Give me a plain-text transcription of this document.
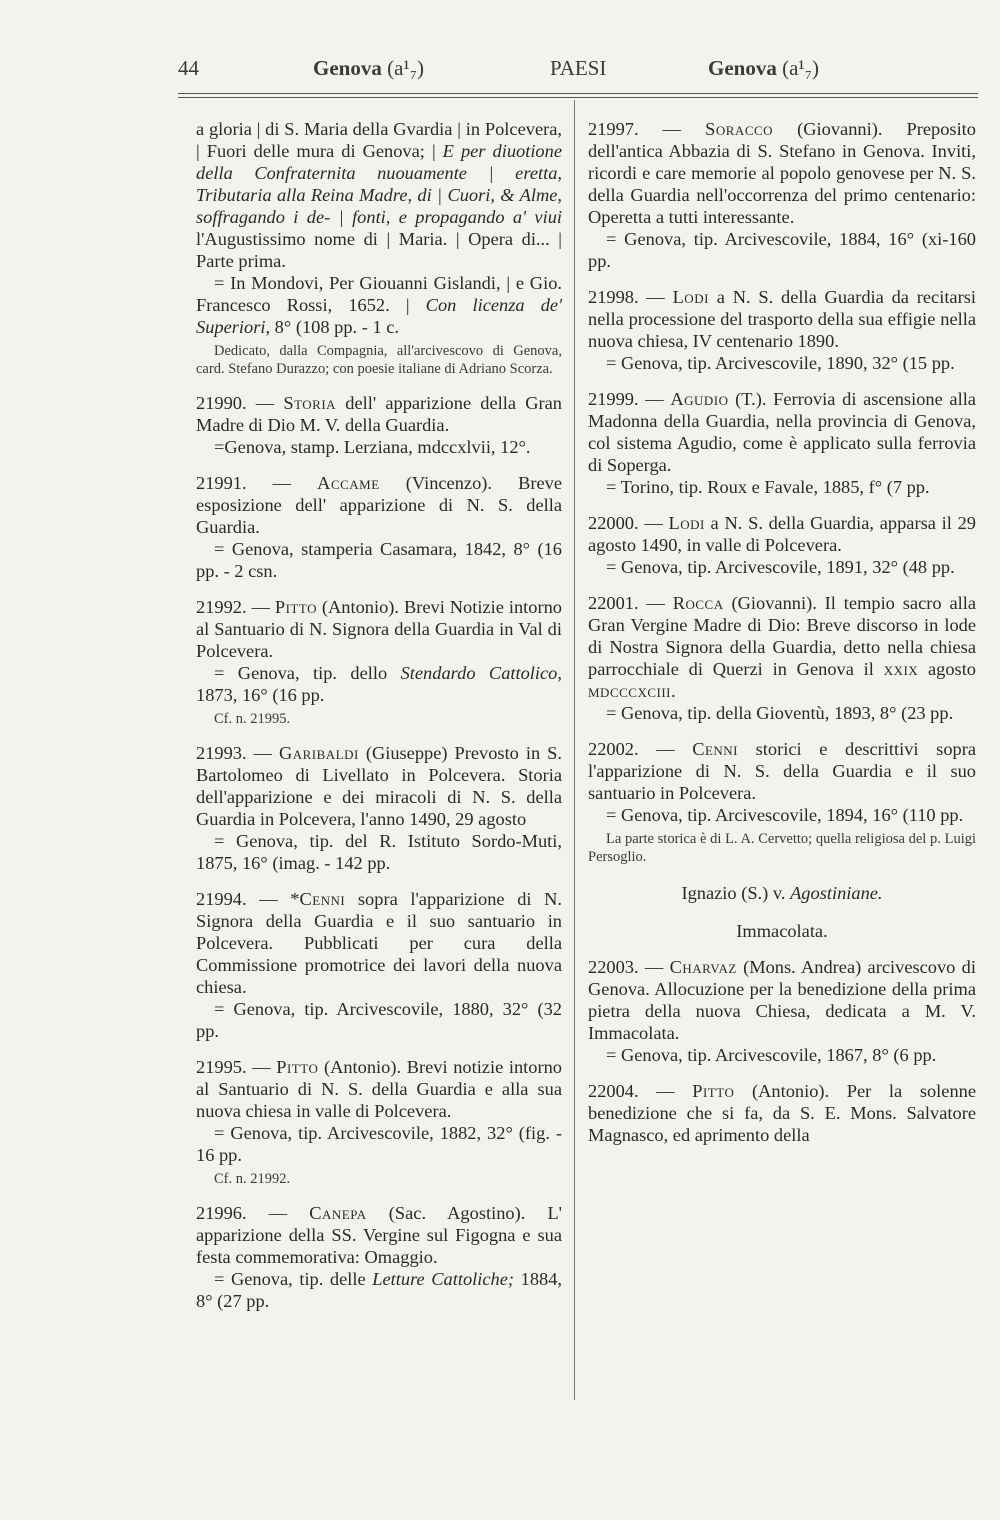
44	Genova (a¹₇)	PAESI	Genova (a¹₇)

a gloria | di S. Maria della Gvardia | in Polcevera, | Fuori delle mura di Genova; | E per diuotione della Confraternita nuouamente | eretta, Tributaria alla Reina Madre, di | Cuori, & Alme, soffragando i de- | fonti, e propagando a' viui l'Augustissimo nome di | Maria. | Opera di... | Parte prima.

= In Mondovi, Per Giouanni Gislandi, | e Gio. Francesco Rossi, 1652. | Con licenza de' Superiori, 8° (108 pp. - 1 c.

Dedicato, dalla Compagnia, all'arcivescovo di Genova, card. Stefano Durazzo; con poesie italiane di Adriano Scorza.

21990. — Storia dell' apparizione della Gran Madre di Dio M. V. della Guardia.

=Genova, stamp. Lerziana, mdccxlvii, 12°.

21991. — Accame (Vincenzo). Breve esposizione dell' apparizione di N. S. della Guardia.

= Genova, stamperia Casamara, 1842, 8° (16 pp. - 2 csn.

21992. — Pitto (Antonio). Brevi Notizie intorno al Santuario di N. Signora della Guardia in Val di Polcevera.

= Genova, tip. dello Stendardo Cattolico, 1873, 16° (16 pp.

Cf. n. 21995.

21993. — Garibaldi (Giuseppe) Prevosto in S. Bartolomeo di Livellato in Polcevera. Storia dell'apparizione e dei miracoli di N. S. della Guardia in Polcevera, l'anno 1490, 29 agosto

= Genova, tip. del R. Istituto Sordo-Muti, 1875, 16° (imag. - 142 pp.

21994. — *Cenni sopra l'apparizione di N. Signora della Guardia e il suo santuario in Polcevera. Pubblicati per cura della Commissione promotrice dei lavori della nuova chiesa.

= Genova, tip. Arcivescovile, 1880, 32° (32 pp.

21995. — Pitto (Antonio). Brevi notizie intorno al Santuario di N. S. della Guardia e alla sua nuova chiesa in valle di Polcevera.

= Genova, tip. Arcivescovile, 1882, 32° (fig. - 16 pp.

Cf. n. 21992.

21996. — Canepa (Sac. Agostino). L' apparizione della SS. Vergine sul Figogna e sua festa commemorativa: Omaggio.

= Genova, tip. delle Letture Cattoliche; 1884, 8° (27 pp.

21997. — Soracco (Giovanni). Preposito dell'antica Abbazia di S. Stefano in Genova. Inviti, ricordi e care memorie al popolo genovese per N. S. della Guardia nell'occorrenza del primo centenario: Operetta a tutti interessante.

= Genova, tip. Arcivescovile, 1884, 16° (xi-160 pp.

21998. — Lodi a N. S. della Guardia da recitarsi nella processione del trasporto della sua effigie nella nuova chiesa, IV centenario 1890.

= Genova, tip. Arcivescovile, 1890, 32° (15 pp.

21999. — Agudio (T.). Ferrovia di ascensione alla Madonna della Guardia, nella provincia di Genova, col sistema Agudio, come è applicato sulla ferrovia di Soperga.

= Torino, tip. Roux e Favale, 1885, f° (7 pp.

22000. — Lodi a N. S. della Guardia, apparsa il 29 agosto 1490, in valle di Polcevera.

= Genova, tip. Arcivescovile, 1891, 32° (48 pp.

22001. — Rocca (Giovanni). Il tempio sacro alla Gran Vergine Madre di Dio: Breve discorso in lode di Nostra Signora della Guardia, detto nella chiesa parrocchiale di Querzi in Genova il xxix agosto mdcccxciii.

= Genova, tip. della Gioventù, 1893, 8° (23 pp.

22002. — Cenni storici e descrittivi sopra l'apparizione di N. S. della Guardia e il suo santuario in Polcevera.

= Genova, tip. Arcivescovile, 1894, 16° (110 pp.

La parte storica è di L. A. Cervetto; quella religiosa del p. Luigi Persoglio.

Ignazio (S.) v. Agostiniane.

Immacolata.

22003. — Charvaz (Mons. Andrea) arcivescovo di Genova. Allocuzione per la benedizione della prima pietra della nuova Chiesa, dedicata a M. V. Immacolata.

= Genova, tip. Arcivescovile, 1867, 8° (6 pp.

22004. — Pitto (Antonio). Per la solenne benedizione che si fa, da S. E. Mons. Salvatore Magnasco, ed aprimento della
